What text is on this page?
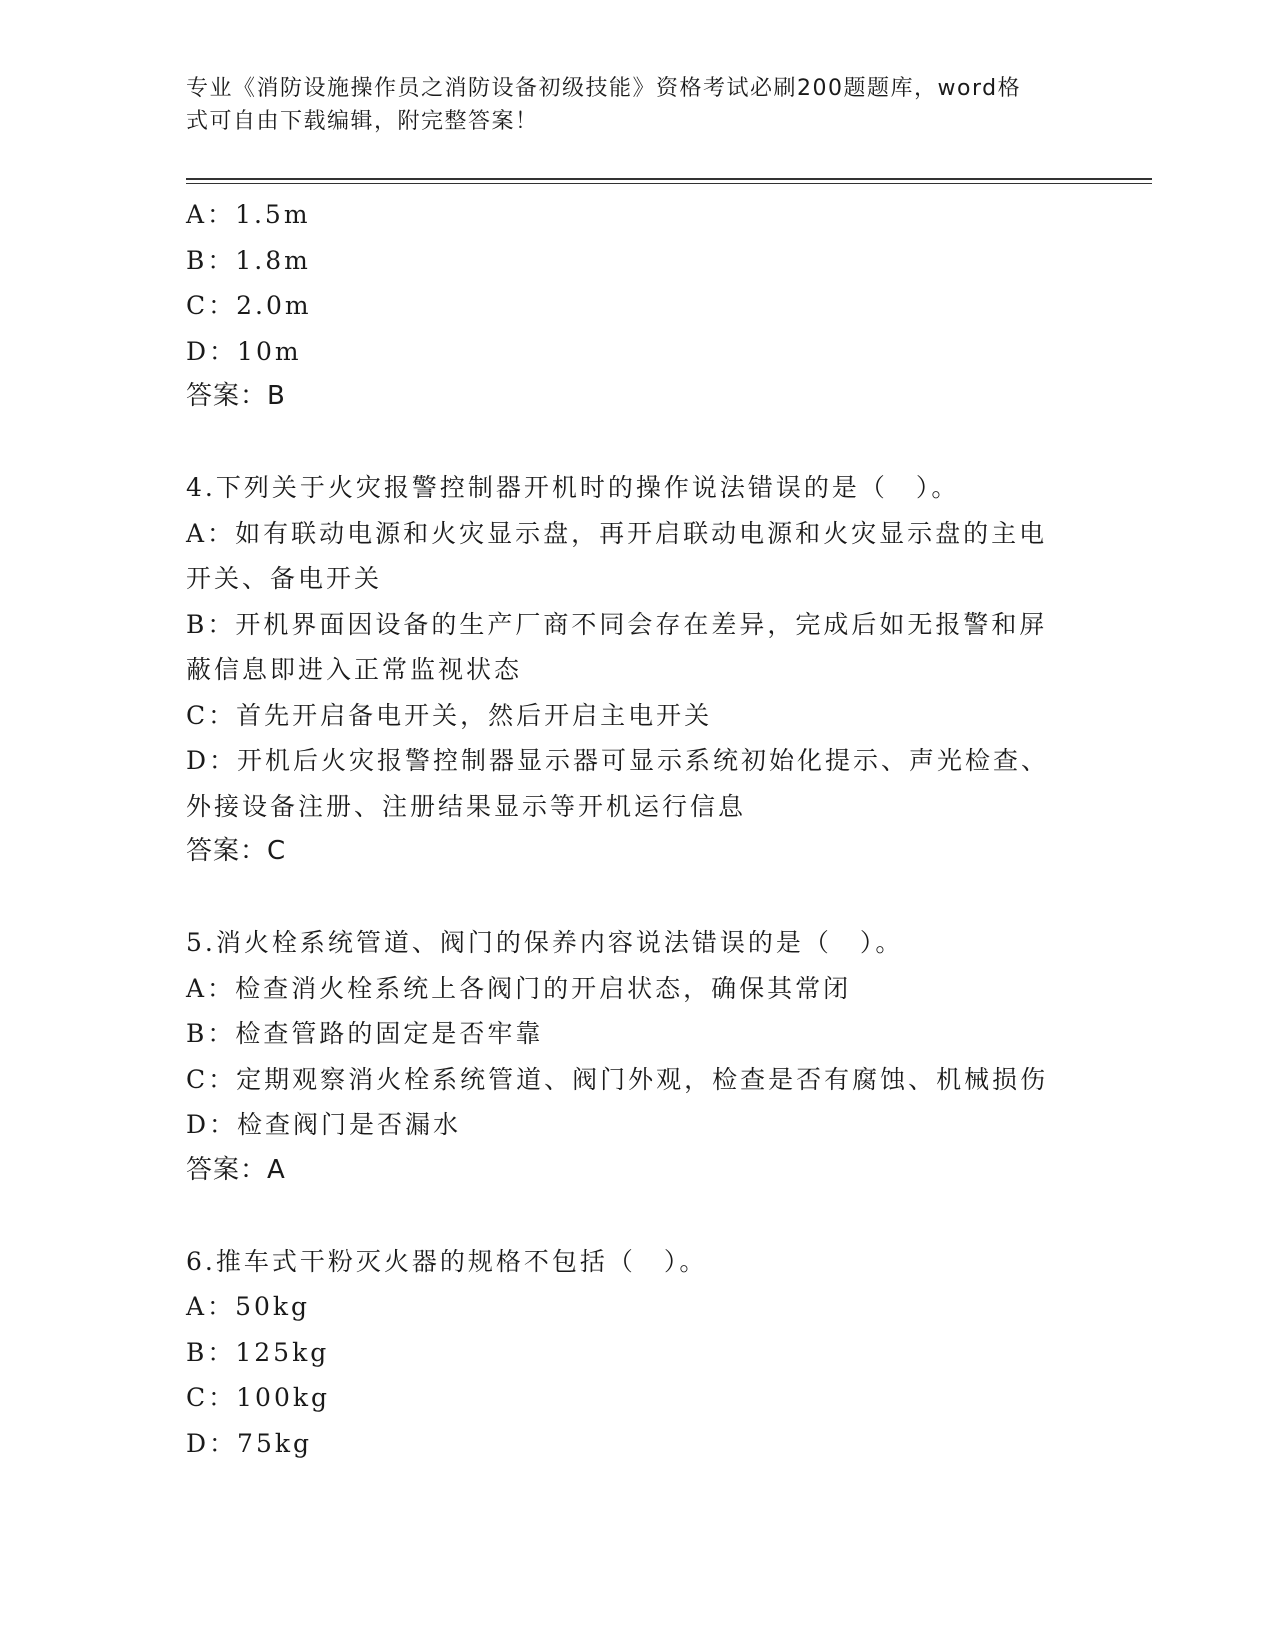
专业《消防设施操作员之消防设备初级技能》资格考试必刷200题题库，word格
式可自由下载编辑，附完整答案！
A： 1.5m
B： 1.8m
C： 2.0m
D： 10m
答案：B
4.下列关于火灾报警控制器开机时的操作说法错误的是（　）。
A：如有联动电源和火灾显示盘，再开启联动电源和火灾显示盘的主电
开关、备电开关
B：开机界面因设备的生产厂商不同会存在差异，完成后如无报警和屏
蔽信息即进入正常监视状态
C：首先开启备电开关，然后开启主电开关
D：开机后火灾报警控制器显示器可显示系统初始化提示、声光检查、
外接设备注册、注册结果显示等开机运行信息
答案：C
5.消火栓系统管道、阀门的保养内容说法错误的是（　）。
A：检查消火栓系统上各阀门的开启状态，确保其常闭
B：检查管路的固定是否牢靠
C：定期观察消火栓系统管道、阀门外观，检查是否有腐蚀、机械损伤
D：检查阀门是否漏水
答案：A
6.推车式干粉灭火器的规格不包括（　）。
A：50kg
B：125kg
C：100kg
D：75kg
